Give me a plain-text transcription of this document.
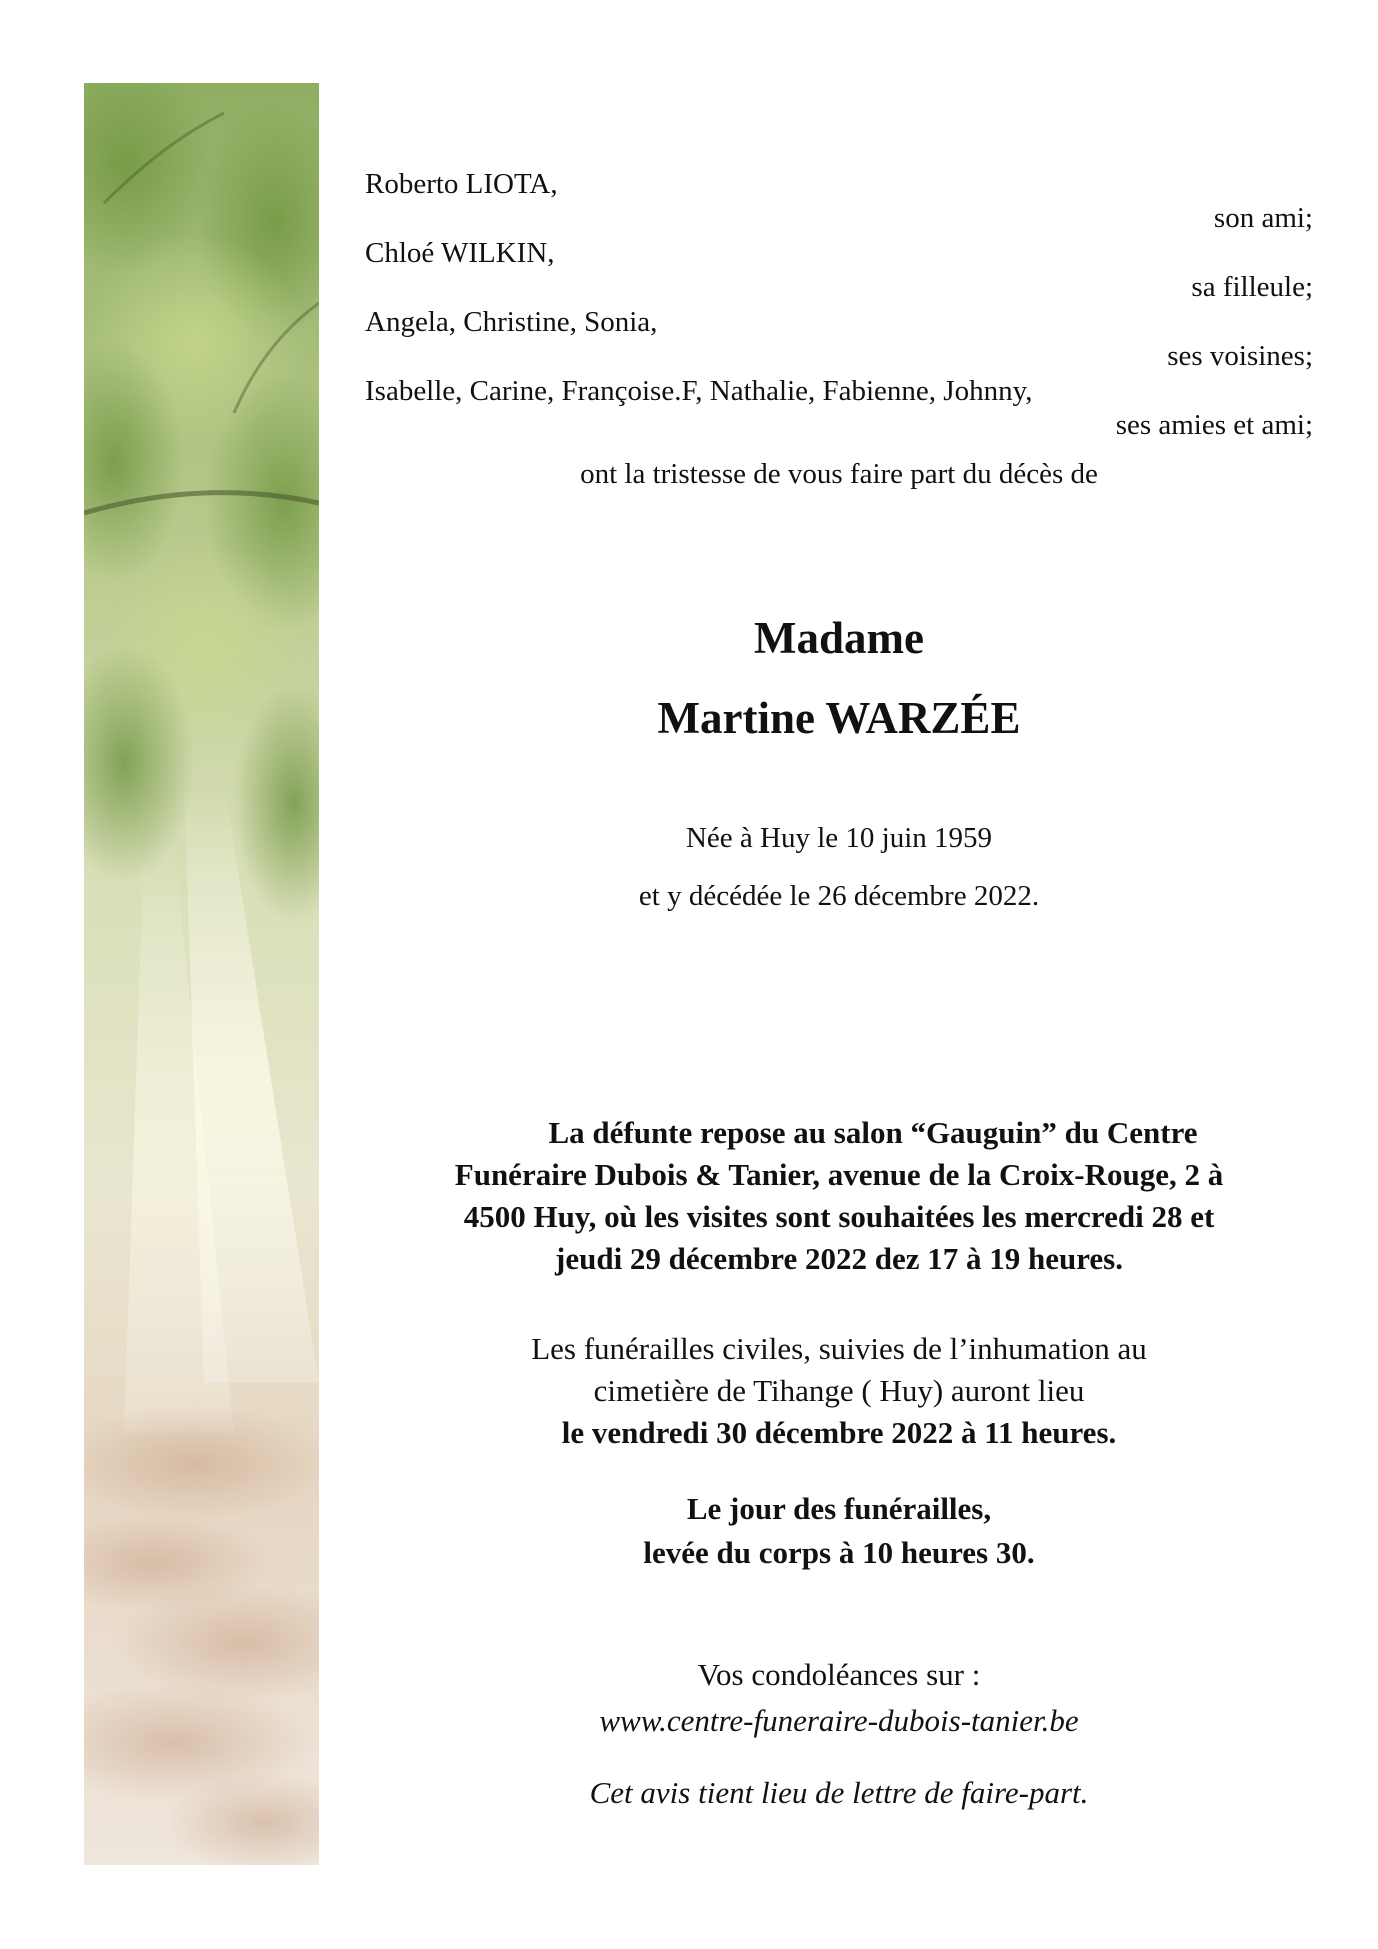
Roberto LIOTA,
son ami;
Chloé WILKIN,
sa filleule;
Angela, Christine, Sonia,
ses voisines;
Isabelle, Carine, Françoise.F, Nathalie, Fabienne, Johnny,
ses amies et ami;
ont la tristesse de vous faire part du décès de
Madame
Martine WARZÉE
Née à Huy le 10 juin 1959
et y décédée le 26 décembre 2022.
La défunte repose au salon “Gauguin” du Centre
Funéraire Dubois & Tanier, avenue de la Croix-Rouge, 2 à
4500 Huy, où les visites sont souhaitées les mercredi 28 et
jeudi 29 décembre 2022 dez 17 à 19 heures.
Les funérailles civiles, suivies de l’inhumation au
cimetière de Tihange ( Huy) auront lieu
le vendredi 30 décembre 2022 à 11 heures.
Le jour des funérailles,
levée du corps à 10 heures 30.
Vos condoléances sur :
www.centre-funeraire-dubois-tanier.be
Cet avis tient lieu de lettre de faire-part.
